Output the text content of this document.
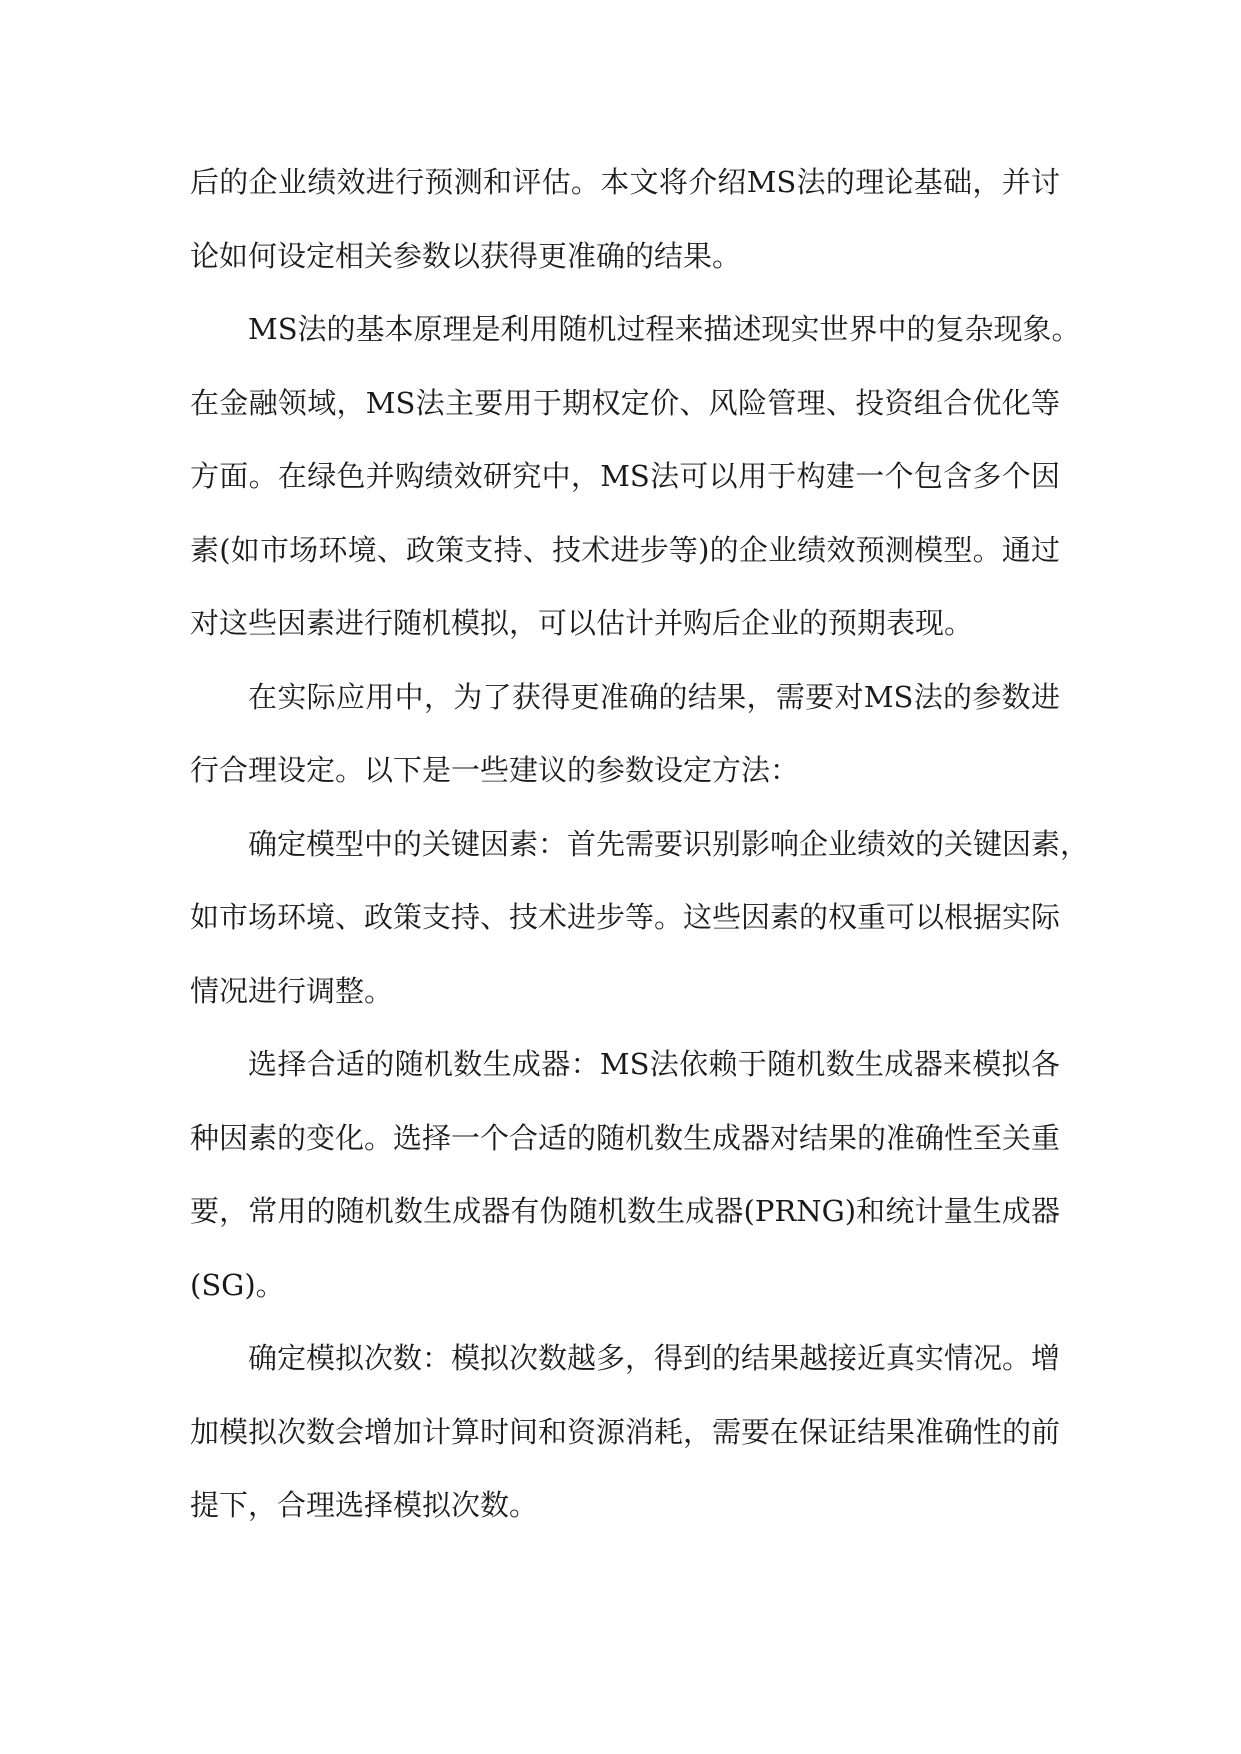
后的企业绩效进行预测和评估。本文将介绍MS法的理论基础，并讨
论如何设定相关参数以获得更准确的结果。
MS法的基本原理是利用随机过程来描述现实世界中的复杂现象。
在金融领域，MS法主要用于期权定价、风险管理、投资组合优化等
方面。在绿色并购绩效研究中，MS法可以用于构建一个包含多个因
素(如市场环境、政策支持、技术进步等)的企业绩效预测模型。通过
对这些因素进行随机模拟，可以估计并购后企业的预期表现。
在实际应用中，为了获得更准确的结果，需要对MS法的参数进
行合理设定。以下是一些建议的参数设定方法：
确定模型中的关键因素：首先需要识别影响企业绩效的关键因素，
如市场环境、政策支持、技术进步等。这些因素的权重可以根据实际
情况进行调整。
选择合适的随机数生成器：MS法依赖于随机数生成器来模拟各
种因素的变化。选择一个合适的随机数生成器对结果的准确性至关重
要，常用的随机数生成器有伪随机数生成器(PRNG)和统计量生成器
(SG)。
确定模拟次数：模拟次数越多，得到的结果越接近真实情况。增
加模拟次数会增加计算时间和资源消耗，需要在保证结果准确性的前
提下，合理选择模拟次数。
